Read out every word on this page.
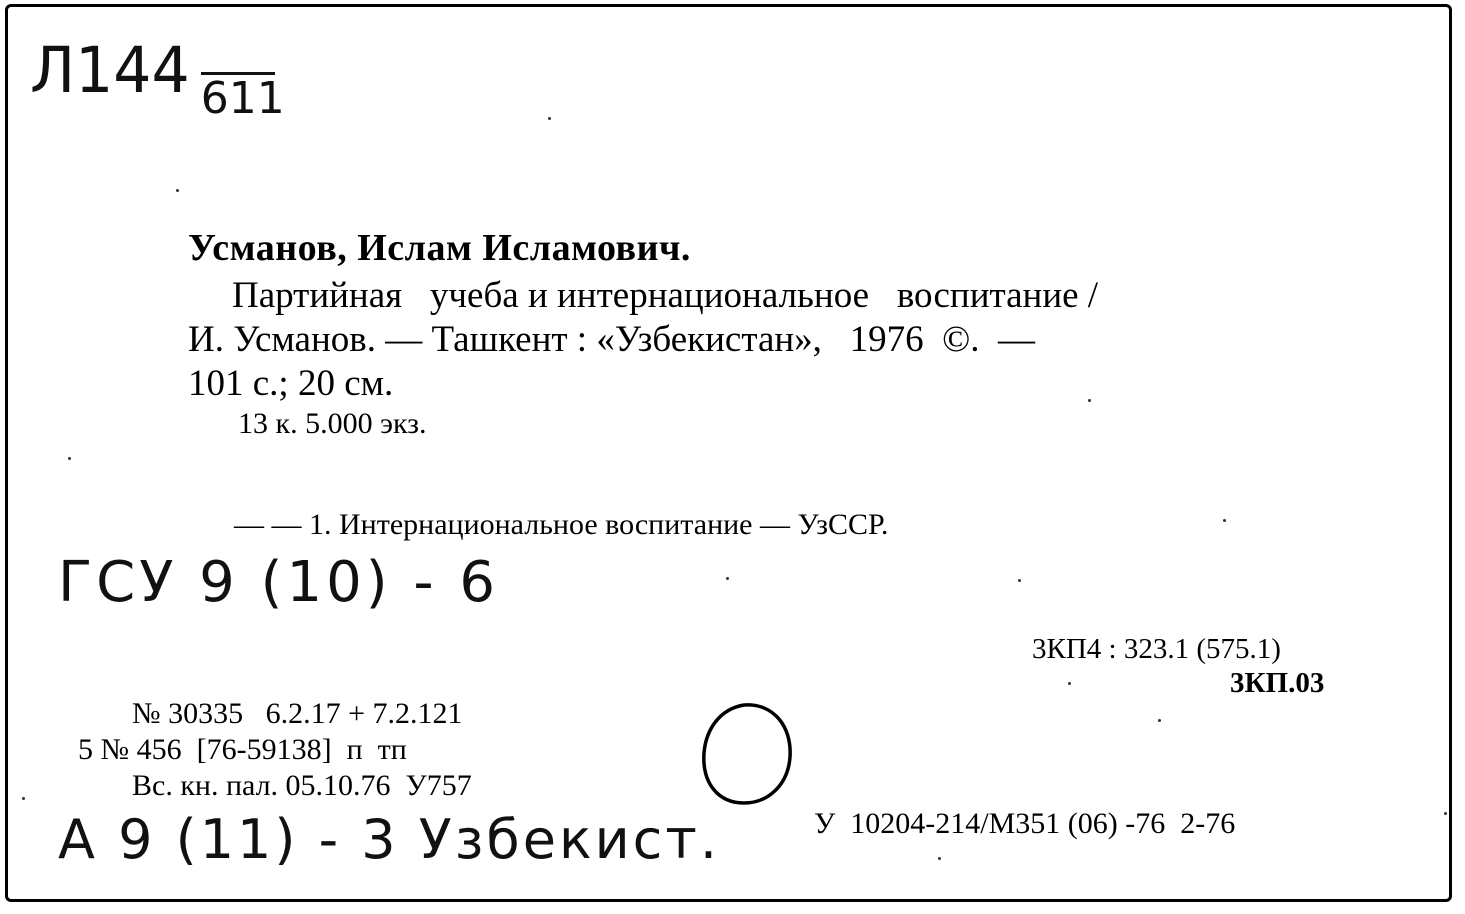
Л144 611
Усманов, Ислам Исламович.
Партийная   учеба и интернациональное   воспитание /
И. Усманов. — Ташкент : «Узбекистан»,   1976  ©.  —
101 с.; 20 см.
13 к. 5.000 экз.
— — 1. Интернациональное воспитание — УзССР.
ГСУ 9 (10) - 6
3КП4 : 323.1 (575.1)
3КП.03
№ 30335   6.2.17 + 7.2.121
5 № 456  [76-59138]  п  тп
Вс. кн. пал. 05.10.76  У757
У  10204-214/М351 (06) -76  2-76
А 9 (11) - 3 Узбекист.
